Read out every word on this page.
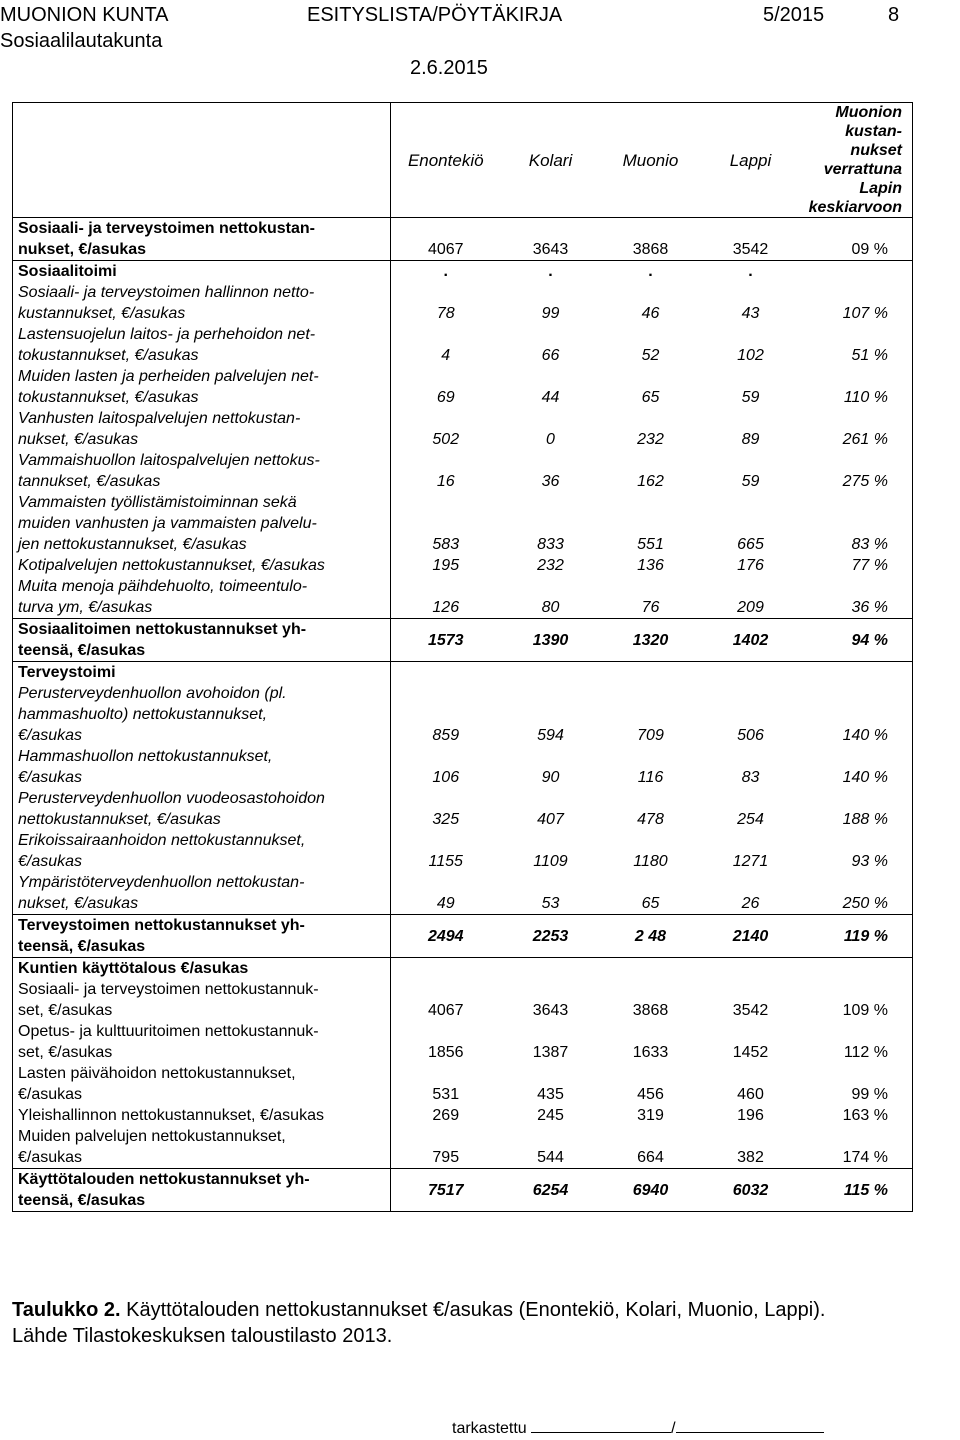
MUONION KUNTA
Sosiaalilautakunta
ESITYSLISTA/PÖYTÄKIRJA	5/2015	8
2.6.2015
	Enontekiö	Kolari	Muonio	Lappi	Muonion kustan-
nukset verrattuna
Lapin keskiarvoon

Sosiaali- ja terveystoimen nettokustan-
nukset, €/asukas	4067	3643	3868	3542	09 %

Sosiaalitoimi	.	.	.	.	

Sosiaali- ja terveystoimen hallinnon netto-
kustannukset, €/asukas	78	99	46	43	107 %

Lastensuojelun laitos- ja perhehoidon net-
tokustannukset, €/asukas	4	66	52	102	51 %

Muiden lasten ja perheiden palvelujen net-
tokustannukset, €/asukas	69	44	65	59	110 %

Vanhusten laitospalvelujen nettokustan-
nukset, €/asukas	502	0	232	89	261 %

Vammaishuollon laitospalvelujen nettokus-
tannukset, €/asukas	16	36	162	59	275 %

Vammaisten työllistämistoiminnan sekä
muiden vanhusten ja vammaisten palvelu-
jen nettokustannukset, €/asukas	583	833	551	665	83 %

Kotipalvelujen nettokustannukset, €/asukas	195	232	136	176	77 %

Muita menoja päihdehuolto, toimeentulo-
turva ym, €/asukas	126	80	76	209	36 %

Sosiaalitoimen nettokustannukset yh-
teensä, €/asukas	1573	1390	1320	1402	94 %

Terveystoimi					

Perusterveydenhuollon avohoidon (pl.
hammashuolto) nettokustannukset,
€/asukas	859	594	709	506	140 %

Hammashuollon nettokustannukset,
€/asukas	106	90	116	83	140 %

Perusterveydenhuollon vuodeosastohoidon
nettokustannukset, €/asukas	325	407	478	254	188 %

Erikoissairaanhoidon nettokustannukset,
€/asukas	1155	1109	1180	1271	93 %

Ympäristöterveydenhuollon nettokustan-
nukset, €/asukas	49	53	65	26	250 %

Terveystoimen nettokustannukset yh-
teensä, €/asukas	2494	2253	2 48	2140	119 %

Kuntien käyttötalous €/asukas					

Sosiaali- ja terveystoimen nettokustannuk-
set, €/asukas	4067	3643	3868	3542	109 %

Opetus- ja kulttuuritoimen nettokustannuk-
set, €/asukas	1856	1387	1633	1452	112 %

Lasten päivähoidon nettokustannukset,
€/asukas	531	435	456	460	99 %

Yleishallinnon nettokustannukset, €/asukas	269	245	319	196	163 %

Muiden palvelujen nettokustannukset,
€/asukas	795	544	664	382	174 %

Käyttötalouden nettokustannukset yh-
teensä, €/asukas	7517	6254	6940	6032	115 %
Taulukko 2. Käyttötalouden nettokustannukset €/asukas (Enontekiö, Kolari, Muonio, Lappi).
Lähde Tilastokeskuksen taloustilasto 2013.
tarkastettu	/
